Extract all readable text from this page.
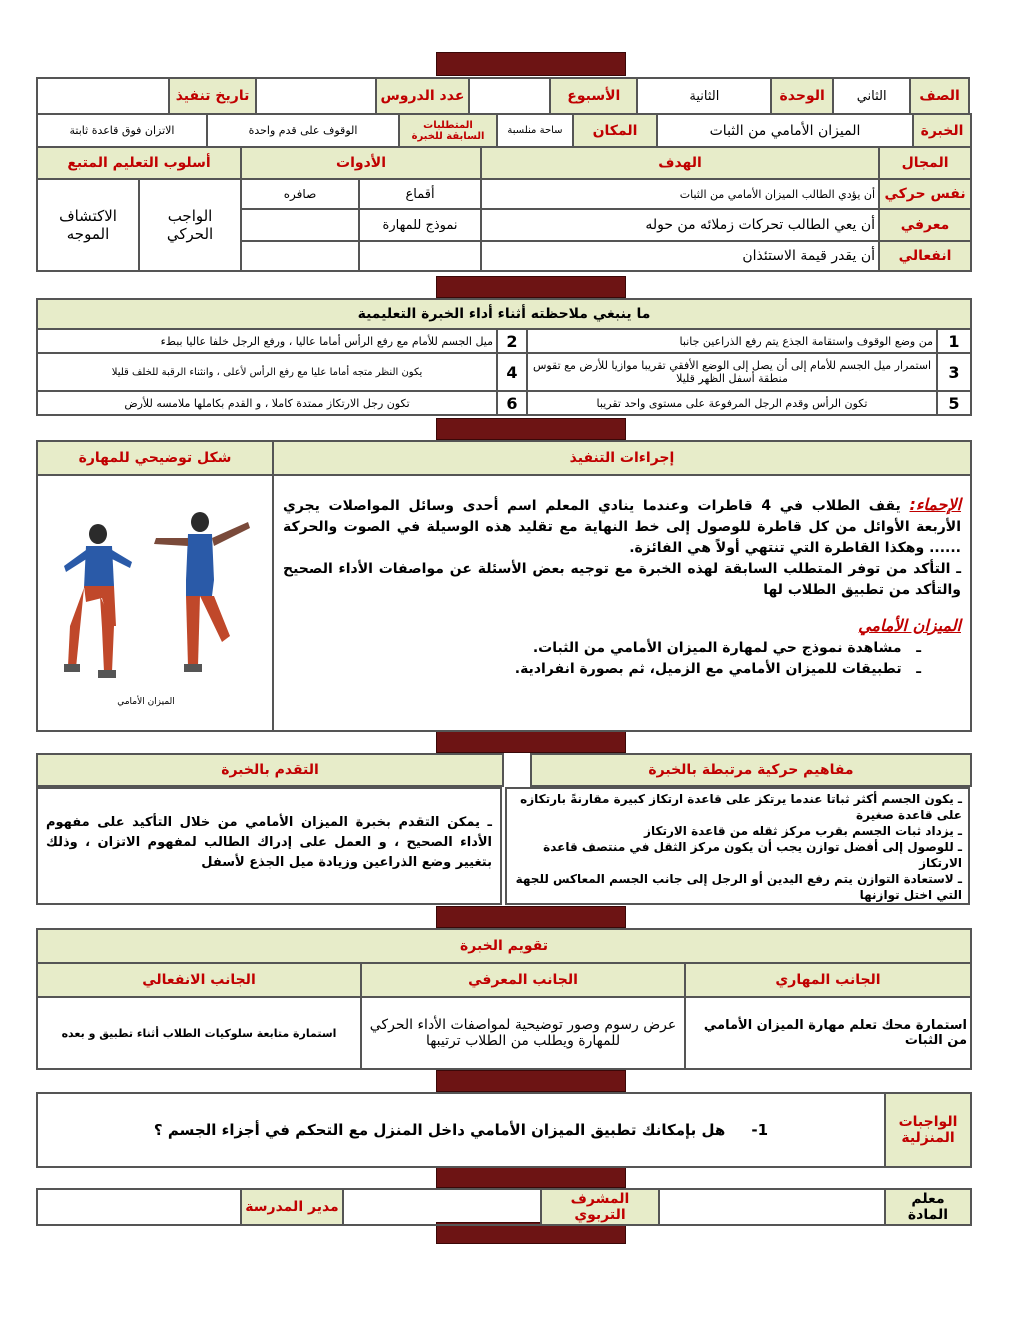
الصف	الثاني	الوحدة	الثانية	الأسبوع		عدد الدروس		تاريخ تنفيذ	
الخبرة	الميزان الأمامي من الثبات	المكان	ساحة منلسبة	المتطلبات السابقة للخبرة	الوقوف على قدم واحدة	الاتزان فوق قاعدة ثابتة
المجال	الهدف	الأدوات		أسلوب التعليم المتبع	
نفس حركي	أن يؤدي الطالب الميزان الأمامي من الثبات	أقماع	صافره	الواجب الحركي	الاكتشاف الموجه
معرفي	أن يعي الطالب تحركات زملائه من حوله	نموذج للمهارة			
انفعالي	أن يقدر قيمة الاستئذان				
ما ينبغي ملاحظته أثناء أداء الخبرة التعليمية			
1	من وضع الوقوف واستقامة الجذع يتم رفع الذراعين جانبا	2	ميل الجسم للأمام مع رفع الرأس أماما عاليا ، ورفع الرجل خلفا عاليا ببطء
3	استمرار ميل الجسم للأمام إلى أن يصل إلى الوضع الأفقي تقريبا موازيا للأرض مع تقوس منطقة أسفل الظهر قليلا	4	يكون النظر متجه أماما عليا مع رفع الرأس لأعلى ، وانثناء الرقبة للخلف قليلا
5	تكون الرأس وقدم الرجل المرفوعة على مستوى واحد تقريبا	6	تكون رجل الارتكاز ممتدة كاملا ، و القدم بكاملها ملامسه للأرض
إجراءات التنفيذ	شكل توضيحي للمهارة

الإحماء: يقف الطلاب في 4 قاطرات وعندما ينادي المعلم اسم أحدى وسائل المواصلات يجري الأربعة الأوائل من كل قاطرة للوصول إلى خط النهاية مع تقليد هذه الوسيلة في الصوت والحركة ...... وهكذا القاطرة التي تنتهي أولاً هي الفائزة.

ـ التأكد من توفر المتطلب السابقة لهذه الخبرة مع توجيه بعض الأسئلة عن مواصفات الأداء الصحيح والتأكد من تطبيق الطلاب لها

الميزان الأمامي

ـ   مشاهدة نموذج حي لمهارة الميزان الأمامي من الثبات.

ـ   تطبيقات للميزان الأمامي مع الزميل، ثم بصورة انفرادية.	الميزان الأمامي
مفاهيم حركية مرتبطة بالخبرة		التقدم بالخبرة
ـ يكون الجسم أكثر ثباتا عندما يرتكز على قاعدة ارتكاز كبيرة مقارنةً بارتكازه على قاعدة صغيرة
ـ يزداد ثبات الجسم بقرب مركز ثقله من قاعدة الارتكاز
ـ للوصول إلى أفضل توازن يجب أن يكون مركز الثقل في منتصف قاعدة الارتكاز
ـ لاستعادة التوازن يتم رفع اليدين أو الرجل إلى جانب الجسم المعاكس للجهة التي اختل توازنها
ـ يمكن التقدم بخبرة الميزان الأمامي من خلال التأكيد على مفهوم الأداء الصحيح ، و العمل على إدراك الطالب لمفهوم الاتزان ، وذلك بتغيير وضع الذراعين وزيادة ميل الجذع لأسفل
تقويم الخبرة		
الجانب المهاري	الجانب المعرفي	الجانب الانفعالي
استمارة محك تعلم مهارة الميزان الأمامي من الثبات	عرض رسوم وصور توضيحية لمواصفات الأداء الحركي للمهارة ويطلب من الطلاب ترتيبها	استمارة متابعة سلوكيات الطلاب أثناء تطبيق و بعده
الواجبات المنزلية	1-     هل بإمكانك تطبيق الميزان الأمامي داخل المنزل مع التحكم في أجزاء الجسم ؟
معلم المادة		المشرف التربوي		مدير المدرسة	
